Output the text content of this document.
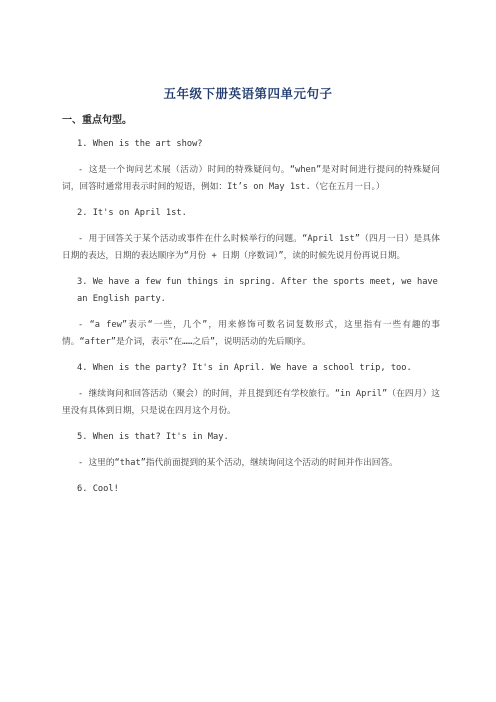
五年级下册英语第四单元句子
一、重点句型。
1. When is the art show?
- 这是一个询问艺术展（活动）时间的特殊疑问句。“when”是对时间进行提问的特殊疑问词，回答时通常用表示时间的短语，例如：It’s on May 1st.（它在五月一日。）
2. It's on April 1st.
- 用于回答关于某个活动或事件在什么时候举行的问题。“April 1st”（四月一日）是具体日期的表达，日期的表达顺序为“月份 + 日期（序数词）”，读的时候先说月份再说日期。
3. We have a few fun things in spring. After the sports meet, we have an English party.
- “a few”表示“一些，几个”，用来修饰可数名词复数形式，这里指有一些有趣的事情。“after”是介词，表示“在……之后”，说明活动的先后顺序。
4. When is the party? It's in April. We have a school trip, too.
- 继续询问和回答活动（聚会）的时间，并且提到还有学校旅行。“in April”（在四月）这里没有具体到日期，只是说在四月这个月份。
5. When is that? It's in May.
- 这里的“that”指代前面提到的某个活动，继续询问这个活动的时间并作出回答。
6. Cool!
